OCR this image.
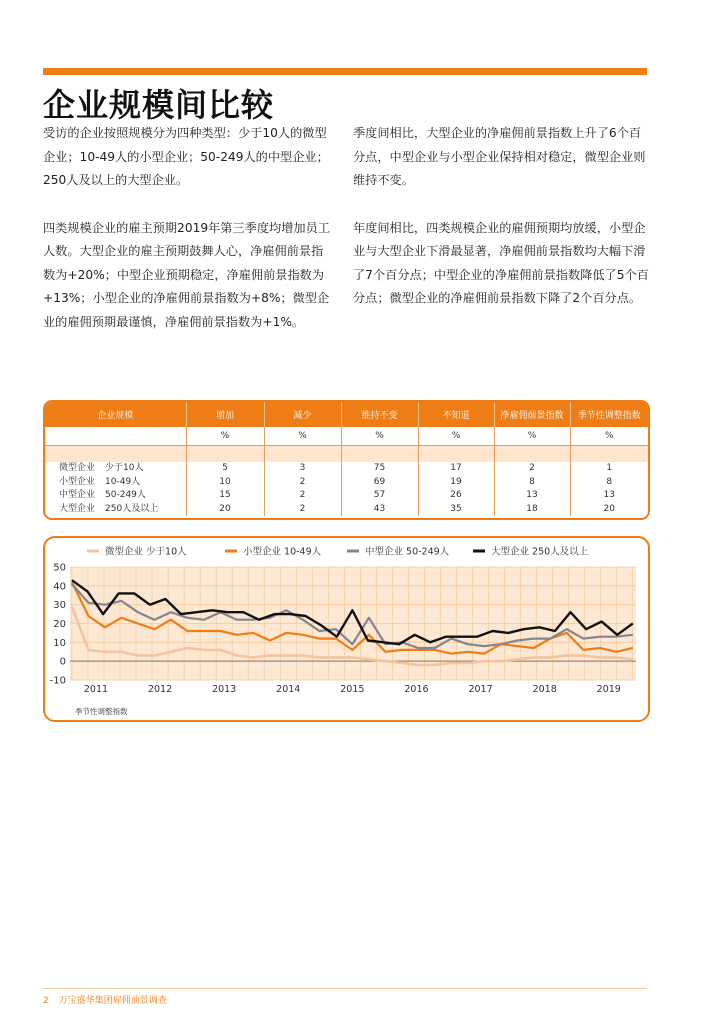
企业规模间比较

受访的企业按照规模分为四种类型：少于10人的微型企业；10-49人的小型企业；50-249人的中型企业；250人及以上的大型企业。

四类规模企业的雇主预期2019年第三季度均增加员工人数。大型企业的雇主预期鼓舞人心，净雇佣前景指数为+20%；中型企业预期稳定，净雇佣前景指数为+13%；小型企业的净雇佣前景指数为+8%；微型企业的雇佣预期最谨慎，净雇佣前景指数为+1%。

季度间相比，大型企业的净雇佣前景指数上升了6个百分点，中型企业与小型企业保持相对稳定，微型企业则维持不变。

年度间相比，四类规模企业的雇佣预期均放缓，小型企业与大型企业下滑最显著，净雇佣前景指数均大幅下滑了7个百分点；中型企业的净雇佣前景指数降低了5个百分点；微型企业的净雇佣前景指数下降了2个百分点。

企业规模	增加	减少	维持不变	不知道	净雇佣前景指数	季节性调整指数
	%	%	%	%	%	%

微型企业 少于10人	5	3	75	17	2	1
小型企业 10-49人	10	2	69	19	8	8
中型企业 50-249人	15	2	57	26	13	13
大型企业 250人及以上	20	2	43	35	18	20
-10
0
10
20
30
40
50
2011	2012	2013	2014	2015	2016	2017	2018	2019
微型企业 少于10人	小型企业 10-49人	中型企业 50-249人	大型企业 250人及以上
季节性调整指数
2 万宝盛华集团雇佣前景调查
